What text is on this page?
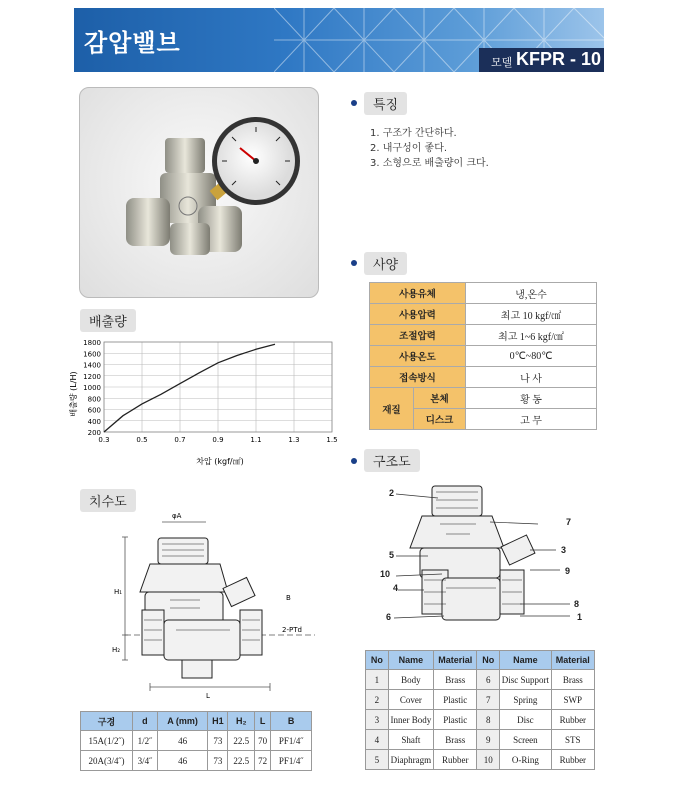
감압밸브
모델 KFPR - 10
특징
1. 구조가 간단하다.
2. 내구성이 좋다.
3. 소형으로 배출량이 크다.
사양
사용유체		냉,온수
사용압력		최고 10 kgf/㎠
조절압력		최고 1~6 kgf/㎠
사용온도		0℃~80℃
접속방식		나 사
재질	본체	황 동
	디스크	고 무
배출량
200
400
600
800
1000
1200
1400
1600
1800
0.3	0.5	0.7	0.9	1.1	1.3	1.5
배출량 (L/H)
차압 (kgf/㎠)
치수도
φA
B
H₁
H₂
2-PTd
L
구경	d	A (mm)	H1	H₂	L	B
15A(1/2˝)	1/2˝	46	73	22.5	70	PF1/4˝
20A(3/4˝)	3/4˝	46	73	22.5	72	PF1/4˝
구조도
2
7
5	3
10	9
4
8
6	1
No	Name	Material	No	Name	Material
1	Body	Brass	6	Disc Support	Brass
2	Cover	Plastic	7	Spring	SWP
3	Inner Body	Plastic	8	Disc	Rubber
4	Shaft	Brass	9	Screen	STS
5	Diaphragm	Rubber	10	O-Ring	Rubber
